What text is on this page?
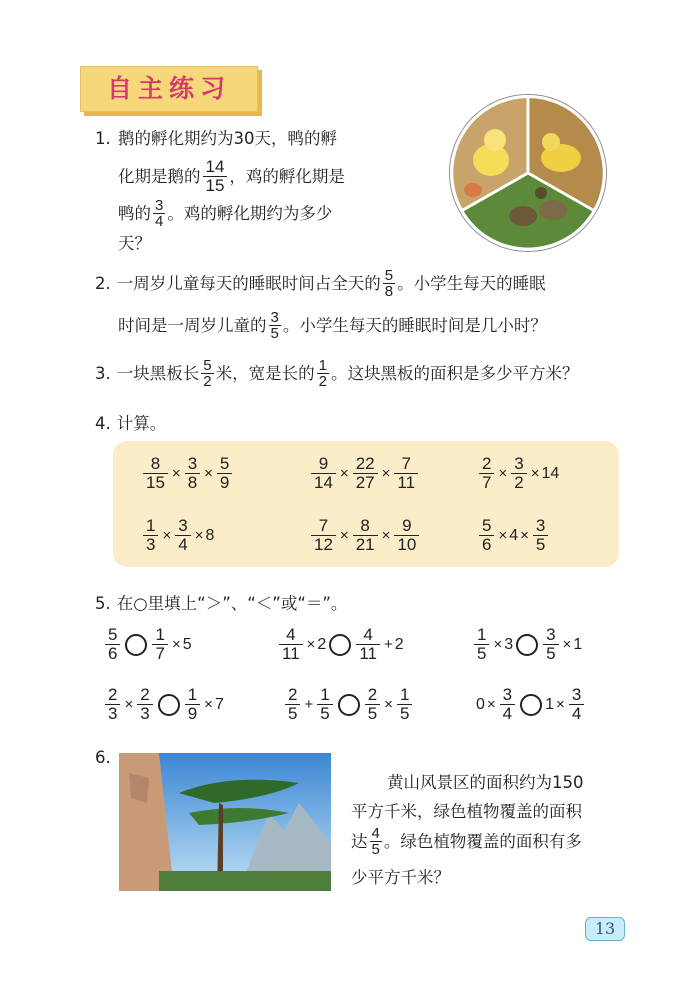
自主练习
1. 鹅的孵化期约为30天，鸭的孵
化期是鹅的 $\frac{14}{15}$ ，鸡的孵化期是
鸭的 $\frac{3}{4}$ 。鸡的孵化期约为多少
天？
2. 一周岁儿童每天的睡眠时间占全天的 $\frac{5}{8}$ 。小学生每天的睡眠
时间是一周岁儿童的 $\frac{3}{5}$ 。小学生每天的睡眠时间是几小时？
3. 一块黑板长 $\frac{5}{2}$ 米，宽是长的 $\frac{1}{2}$ 。这块黑板的面积是多少平方米？
4. 计算。
$\frac{8}{15} \times \frac{3}{8} \times \frac{5}{9}$	$\frac{9}{14} \times \frac{22}{27} \times \frac{7}{11}$	$\frac{2}{7} \times \frac{3}{2} \times 14$
$\frac{1}{3} \times \frac{3}{4} \times 8$	$\frac{7}{12} \times \frac{8}{21} \times \frac{9}{10}$	$\frac{5}{6} \times 4 \times \frac{3}{5}$
5. 在○里填上“＞”、“＜”或“＝”。
$\frac{5}{6} \frac{1}{7} \times 5$	$\frac{4}{11} \times 2 \frac{4}{11} + 2$	$\frac{1}{5} \times 3 \frac{3}{5} \times 1$
$\frac{2}{3} \times \frac{2}{3} \frac{1}{9} \times 7$	$\frac{2}{5} + \frac{1}{5} \frac{2}{5} \times \frac{1}{5}$	$0 \times \frac{3}{4} 1 \times \frac{3}{4}$
6.
黄山风景区的面积约为150
平方千米，绿色植物覆盖的面积
达 $\frac{4}{5}$ 。绿色植物覆盖的面积有多
少平方千米？
13
